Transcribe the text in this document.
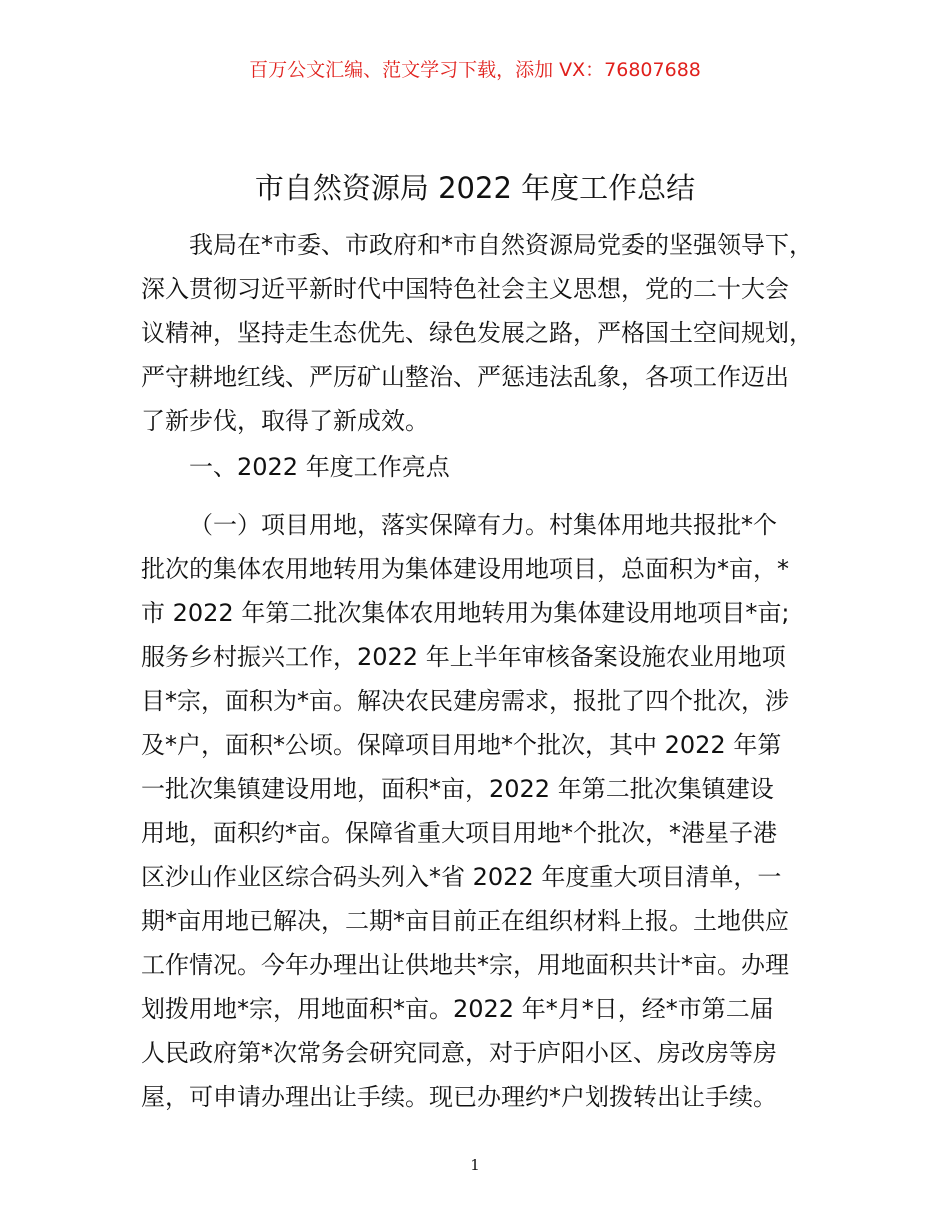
百万公文汇编、范文学习下载，添加 VX：76807688
市自然资源局 2022 年度工作总结
我局在*市委、市政府和*市自然资源局党委的坚强领导下，
深入贯彻习近平新时代中国特色社会主义思想，党的二十大会
议精神，坚持走生态优先、绿色发展之路，严格国土空间规划，
严守耕地红线、严厉矿山整治、严惩违法乱象，各项工作迈出
了新步伐，取得了新成效。
一、2022 年度工作亮点
（一）项目用地，落实保障有力。村集体用地共报批*个
批次的集体农用地转用为集体建设用地项目，总面积为*亩，*
市 2022 年第二批次集体农用地转用为集体建设用地项目*亩;
服务乡村振兴工作，2022 年上半年审核备案设施农业用地项
目*宗，面积为*亩。解决农民建房需求，报批了四个批次，涉
及*户，面积*公顷。保障项目用地*个批次，其中 2022 年第
一批次集镇建设用地，面积*亩，2022 年第二批次集镇建设
用地，面积约*亩。保障省重大项目用地*个批次，*港星子港
区沙山作业区综合码头列入*省 2022 年度重大项目清单，一
期*亩用地已解决，二期*亩目前正在组织材料上报。土地供应
工作情况。今年办理出让供地共*宗，用地面积共计*亩。办理
划拨用地*宗，用地面积*亩。2022 年*月*日，经*市第二届
人民政府第*次常务会研究同意，对于庐阳小区、房改房等房
屋，可申请办理出让手续。现已办理约*户划拨转出让手续。
1
